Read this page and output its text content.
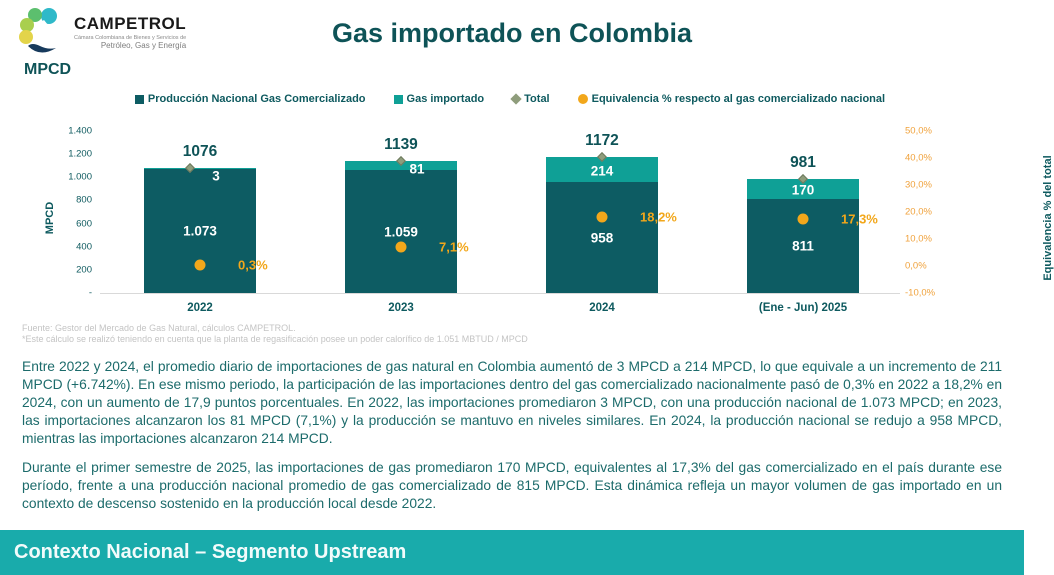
CAMPETROL
Cámara Colombiana de Bienes y Servicios de
Petróleo, Gas y Energía	Gas importado en Colombia
MPCD
Producción Nacional Gas Comercializado	Gas importado	Total	Equivalencia % respecto al gas comercializado nacional
1.400
1.200
1.000
800
600
400
200
-
50,0%
40,0%
30,0%
20,0%
10,0%
0,0%
-10,0%
1076
3
1.073
0,3%
2022
1139
81
1.059
7,1%
2023
1172
214
958
18,2%
2024
981
170
811
17,3%
(Ene - Jun) 2025
MPCD	Equivalencia % del total
Fuente: Gestor del Mercado de Gas Natural, cálculos CAMPETROL.
*Este cálculo se realizó teniendo en cuenta que la planta de regasificación posee un poder calorífico de 1.051 MBTUD / MPCD
Entre 2022 y 2024, el promedio diario de importaciones de gas natural en Colombia aumentó de 3 MPCD a 214 MPCD, lo que equivale a un incremento de 211 MPCD (+6.742%). En ese mismo periodo, la participación de las importaciones dentro del gas comercializado nacionalmente pasó de 0,3% en 2022 a 18,2% en 2024, con un aumento de 17,9 puntos porcentuales. En 2022, las importaciones promediaron 3 MPCD, con una producción nacional de 1.073 MPCD; en 2023, las importaciones alcanzaron los 81 MPCD (7,1%) y la producción se mantuvo en niveles similares. En 2024, la producción nacional se redujo a 958 MPCD, mientras las importaciones alcanzaron 214 MPCD.
Durante el primer semestre de 2025, las importaciones de gas promediaron 170 MPCD, equivalentes al 17,3% del gas comercializado en el país durante ese período, frente a una producción nacional promedio de gas comercializado de 815 MPCD. Esta dinámica refleja un mayor volumen de gas importado en un contexto de descenso sostenido en la producción local desde 2022.
Contexto Nacional – Segmento Upstream
